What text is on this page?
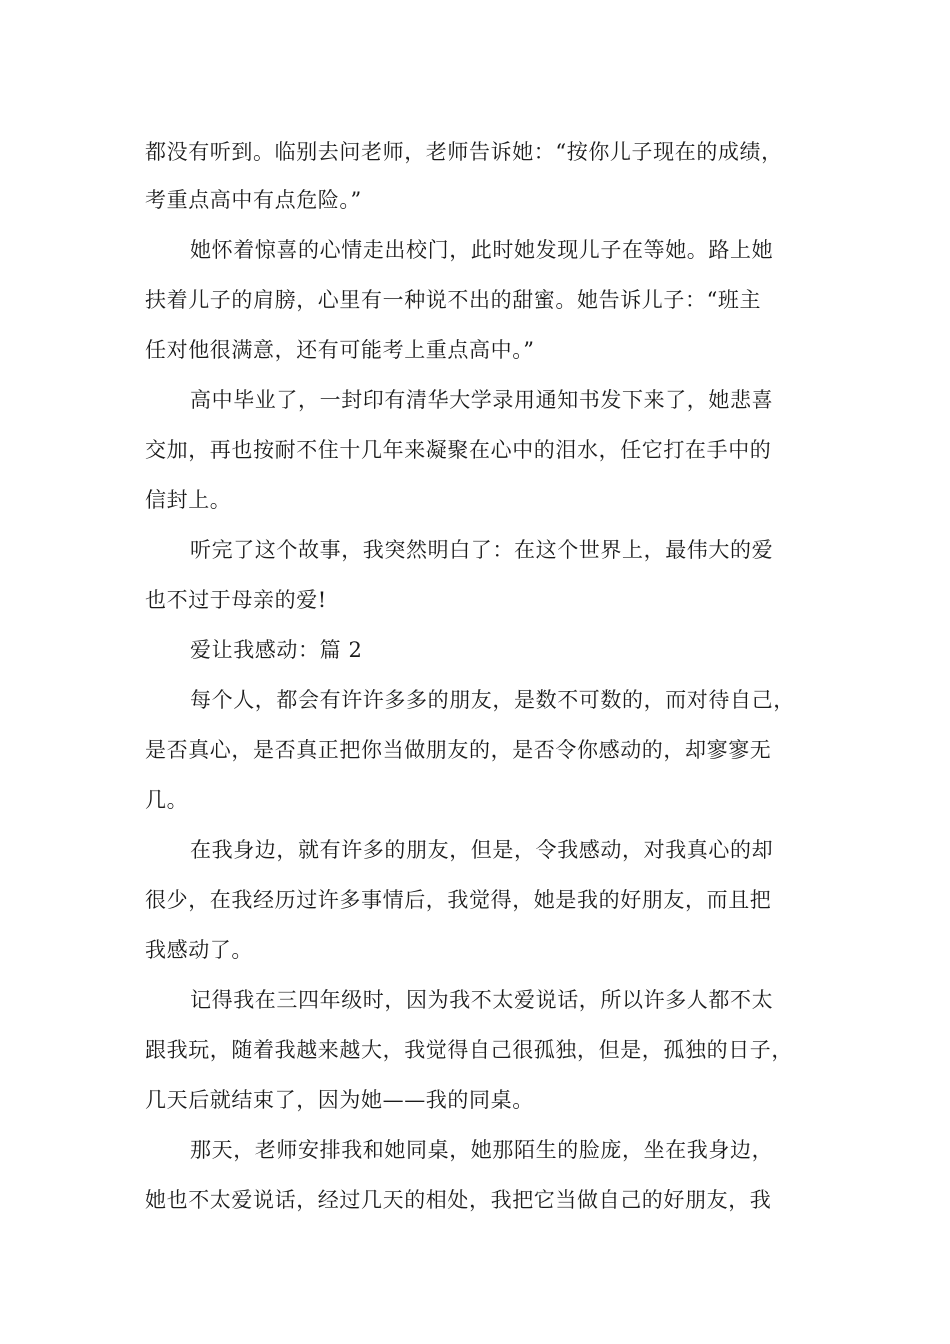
都没有听到。临别去问老师，老师告诉她：“按你儿子现在的成绩，
考重点高中有点危险。”
她怀着惊喜的心情走出校门，此时她发现儿子在等她。路上她
扶着儿子的肩膀，心里有一种说不出的甜蜜。她告诉儿子：“班主
任对他很满意，还有可能考上重点高中。”
高中毕业了，一封印有清华大学录用通知书发下来了，她悲喜
交加，再也按耐不住十几年来凝聚在心中的泪水，任它打在手中的
信封上。
听完了这个故事，我突然明白了：在这个世界上，最伟大的爱
也不过于母亲的爱!
爱让我感动：篇 2
每个人，都会有许许多多的朋友，是数不可数的，而对待自己，
是否真心，是否真正把你当做朋友的，是否令你感动的，却寥寥无
几。
在我身边，就有许多的朋友，但是，令我感动，对我真心的却
很少，在我经历过许多事情后，我觉得，她是我的好朋友，而且把
我感动了。
记得我在三四年级时，因为我不太爱说话，所以许多人都不太
跟我玩，随着我越来越大，我觉得自己很孤独，但是，孤独的日子，
几天后就结束了，因为她——我的同桌。
那天，老师安排我和她同桌，她那陌生的脸庞，坐在我身边，
她也不太爱说话，经过几天的相处，我把它当做自己的好朋友，我
